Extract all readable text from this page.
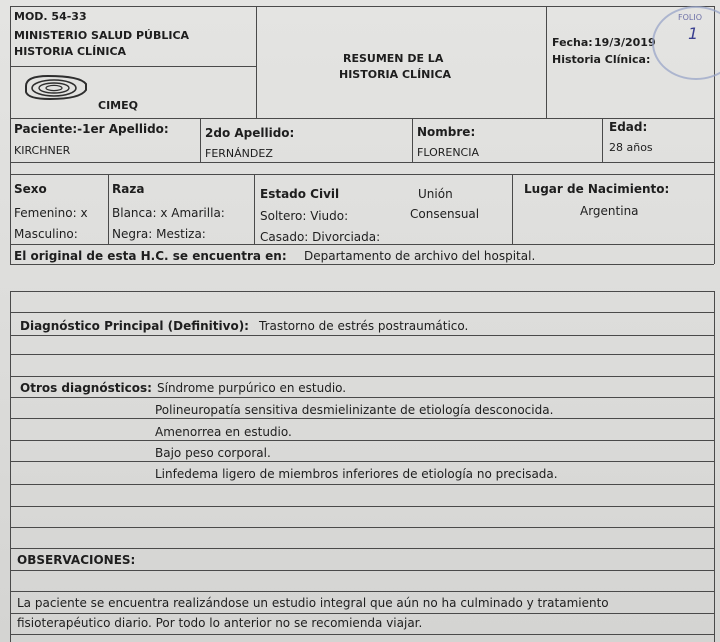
MOD. 54-33
MINISTERIO SALUD PÚBLICA
HISTORIA CLÍNICA
CIMEQ
RESUMEN DE LA
HISTORIA CLÍNICA
Fecha: 19/3/2019
Historia Clínica:
FOLIO
1
Paciente:-1er Apellido:
KIRCHNER
2do Apellido:
FERNÁNDEZ
Nombre:
FLORENCIA
Edad:
28 años
Sexo
Femenino: x
Masculino:
Raza
Blanca: x Amarilla:
Negra: Mestiza:
Estado Civil	Unión
Consensual
Soltero: Viudo:
Casado: Divorciada:
Lugar de Nacimiento:
Argentina
El original de esta H.C. se encuentra en: Departamento de archivo del hospital.
Diagnóstico Principal (Definitivo): Trastorno de estrés postraumático.
Otros diagnósticos: Síndrome purpúrico en estudio.
Polineuropatía sensitiva desmielinizante de etiología desconocida.
Amenorrea en estudio.
Bajo peso corporal.
Linfedema ligero de miembros inferiores de etiología no precisada.
OBSERVACIONES:
La paciente se encuentra realizándose un estudio integral que aún no ha culminado y tratamiento
fisioterapéutico diario. Por todo lo anterior no se recomienda viajar.
